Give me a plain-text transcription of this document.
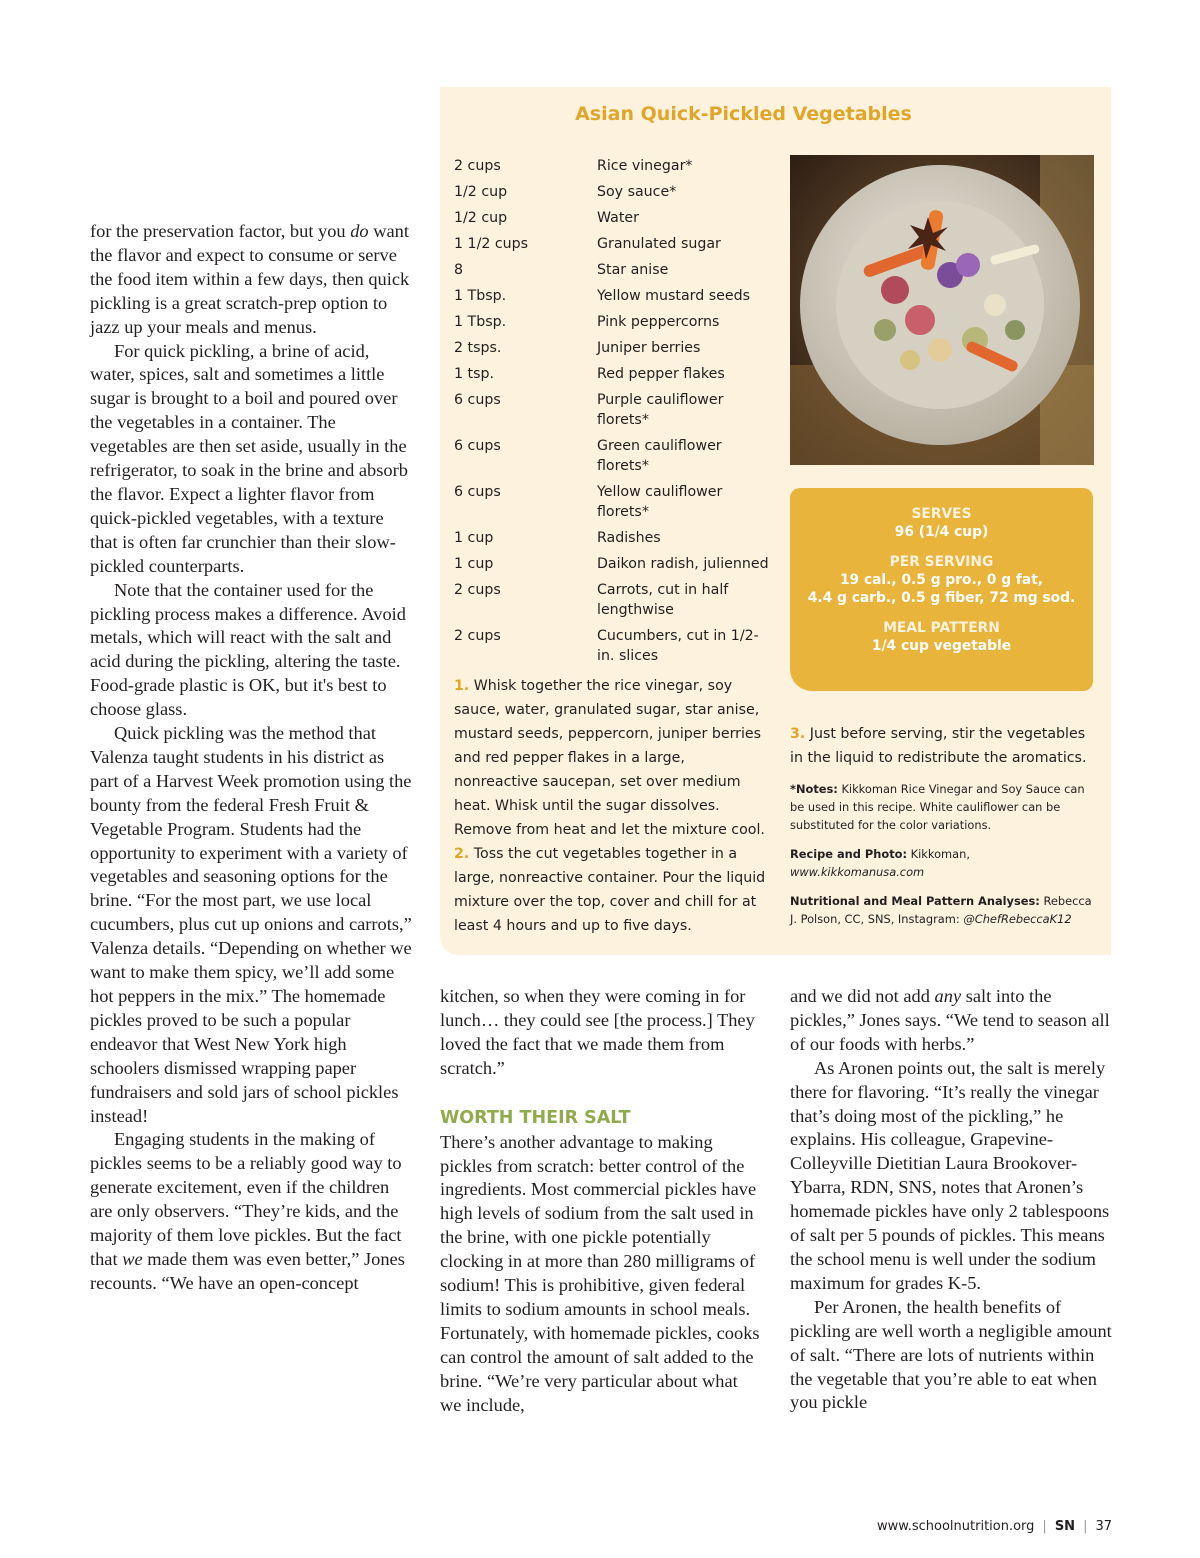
for the preservation factor, but you do want the flavor and expect to consume or serve the food item within a few days, then quick pickling is a great scratch-prep option to jazz up your meals and menus.

For quick pickling, a brine of acid, water, spices, salt and sometimes a little sugar is brought to a boil and poured over the vegetables in a container. The vegetables are then set aside, usually in the refrigerator, to soak in the brine and absorb the flavor. Expect a lighter flavor from quick-pickled vegetables, with a texture that is often far crunchier than their slow-pickled counterparts.

Note that the container used for the pickling process makes a difference. Avoid metals, which will react with the salt and acid during the pickling, altering the taste. Food-grade plastic is OK, but it's best to choose glass.

Quick pickling was the method that Valenza taught students in his district as part of a Harvest Week promotion using the bounty from the federal Fresh Fruit & Vegetable Program. Students had the opportunity to experiment with a variety of vegetables and seasoning options for the brine. “For the most part, we use local cucumbers, plus cut up onions and carrots,” Valenza details. “Depending on whether we want to make them spicy, we’ll add some hot peppers in the mix.” The homemade pickles proved to be such a popular endeavor that West New York high schoolers dismissed wrapping paper fundraisers and sold jars of school pickles instead!

Engaging students in the making of pickles seems to be a reliably good way to generate excitement, even if the children are only observers. “They’re kids, and the majority of them love pickles. But the fact that we made them was even better,” Jones recounts. “We have an open-concept

Asian Quick-Pickled Vegetables
2 cups	Rice vinegar*
1/2 cup	Soy sauce*
1/2 cup	Water
1 1/2 cups	Granulated sugar
8	Star anise
1 Tbsp.	Yellow mustard seeds
1 Tbsp.	Pink peppercorns
2 tsps.	Juniper berries
1 tsp.	Red pepper flakes
6 cups	Purple cauliflower florets*
6 cups	Green cauliflower florets*
6 cups	Yellow cauliflower florets*
1 cup	Radishes
1 cup	Daikon radish, julienned
2 cups	Carrots, cut in half lengthwise
2 cups	Cucumbers, cut in 1/2-in. slices
SERVES
96 (1/4 cup)
PER SERVING
19 cal., 0.5 g pro., 0 g fat,
4.4 g carb., 0.5 g fiber, 72 mg sod.
MEAL PATTERN
1/4 cup vegetable

1. Whisk together the rice vinegar, soy sauce, water, granulated sugar, star anise, mustard seeds, peppercorn, juniper berries and red pepper flakes in a large, nonreactive saucepan, set over medium heat. Whisk until the sugar dissolves. Remove from heat and let the mixture cool.

2. Toss the cut vegetables together in a large, nonreactive container. Pour the liquid mixture over the top, cover and chill for at least 4 hours and up to five days.

3. Just before serving, stir the vegetables in the liquid to redistribute the aromatics.

*Notes: Kikkoman Rice Vinegar and Soy Sauce can be used in this recipe. White cauliflower can be substituted for the color variations.

Recipe and Photo: Kikkoman, www.kikkomanusa.com

Nutritional and Meal Pattern Analyses: Rebecca J. Polson, CC, SNS, Instagram: @ChefRebeccaK12

kitchen, so when they were coming in for lunch… they could see [the process.] They loved the fact that we made them from scratch.”

WORTH THEIR SALT

There’s another advantage to making pickles from scratch: better control of the ingredients. Most commercial pickles have high levels of sodium from the salt used in the brine, with one pickle potentially clocking in at more than 280 milligrams of sodium! This is prohibitive, given federal limits to sodium amounts in school meals. Fortunately, with homemade pickles, cooks can control the amount of salt added to the brine. “We’re very particular about what we include,

and we did not add any salt into the pickles,” Jones says. “We tend to season all of our foods with herbs.”

As Aronen points out, the salt is merely there for flavoring. “It’s really the vinegar that’s doing most of the pickling,” he explains. His colleague, Grapevine-Colleyville Dietitian Laura Brookover-Ybarra, RDN, SNS, notes that Aronen’s homemade pickles have only 2 tablespoons of salt per 5 pounds of pickles. This means the school menu is well under the sodium maximum for grades K-5.

Per Aronen, the health benefits of pickling are well worth a negligible amount of salt. “There are lots of nutrients within the vegetable that you’re able to eat when you pickle

www.schoolnutrition.org | SN | 37
